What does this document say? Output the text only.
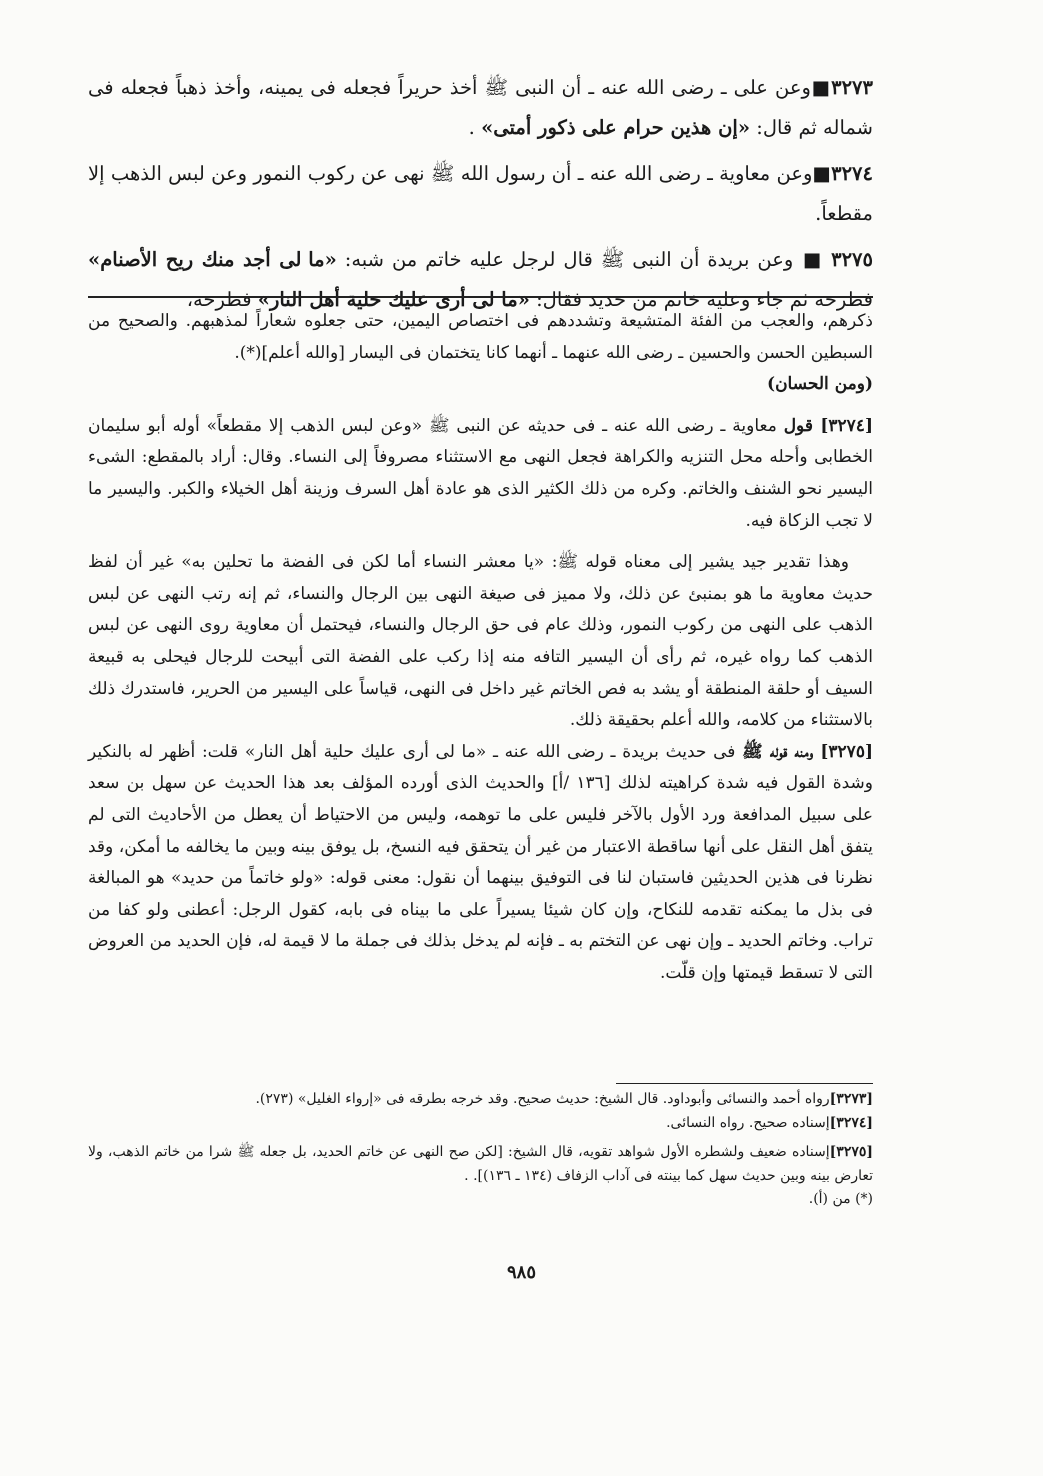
٣٢٧٣■وعن على ـ رضى الله عنه ـ أن النبى ﷺ أخذ حريراً فجعله فى يمينه، وأخذ ذهباً فجعله فى شماله ثم قال: «إن هذين حرام على ذكور أمتى» .

٣٢٧٤■وعن معاوية ـ رضى الله عنه ـ أن رسول الله ﷺ نهى عن ركوب النمور وعن لبس الذهب إلا مقطعاً.

٣٢٧٥ ■ وعن بريدة أن النبى ﷺ قال لرجل عليه خاتم من شبه: «ما لى أجد منك ريح الأصنام» فطرحه ثم جاء وعليه خاتم من حديد فقال: «ما لى أرى عليك حلية أهل النار» فطرحه،

ذكرهم، والعجب من الفئة المتشيعة وتشددهم فى اختصاص اليمين، حتى جعلوه شعاراً لمذهبهم. والصحيح من السبطين الحسن والحسين ـ رضى الله عنهما ـ أنهما كانا يتختمان فى اليسار [والله أعلم](*).

(ومن الحسان)

[٣٢٧٤] قول معاوية ـ رضى الله عنه ـ فى حديثه عن النبى ﷺ «وعن لبس الذهب إلا مقطعاً» أوله أبو سليمان الخطابى وأحله محل التنزيه والكراهة فجعل النهى مع الاستثناء مصروفاً إلى النساء. وقال: أراد بالمقطع: الشىء اليسير نحو الشنف والخاتم. وكره من ذلك الكثير الذى هو عادة أهل السرف وزينة أهل الخيلاء والكبر. واليسير ما لا تجب الزكاة فيه.

وهذا تقدير جيد يشير إلى معناه قوله ﷺ: «يا معشر النساء أما لكن فى الفضة ما تحلين به» غير أن لفظ حديث معاوية ما هو بمنبئ عن ذلك، ولا مميز فى صيغة النهى بين الرجال والنساء، ثم إنه رتب النهى عن لبس الذهب على النهى من ركوب النمور، وذلك عام فى حق الرجال والنساء، فيحتمل أن معاوية روى النهى عن لبس الذهب كما رواه غيره، ثم رأى أن اليسير التافه منه إذا ركب على الفضة التى أبيحت للرجال فيحلى به قبيعة السيف أو حلقة المنطقة أو يشد به فص الخاتم غير داخل فى النهى، قياساً على اليسير من الحرير، فاستدرك ذلك بالاستثناء من كلامه، والله أعلم بحقيقة ذلك.

[٣٢٧٥] ومنه قوله ﷺ فى حديث بريدة ـ رضى الله عنه ـ «ما لى أرى عليك حلية أهل النار» قلت: أظهر له بالنكير وشدة القول فيه شدة كراهيته لذلك [١٣٦ /أ] والحديث الذى أورده المؤلف بعد هذا الحديث عن سهل بن سعد على سبيل المدافعة ورد الأول بالآخر فليس على ما توهمه، وليس من الاحتياط أن يعطل من الأحاديث التى لم يتفق أهل النقل على أنها ساقطة الاعتبار من غير أن يتحقق فيه النسخ، بل يوفق بينه وبين ما يخالفه ما أمكن، وقد نظرنا فى هذين الحديثين فاستبان لنا فى التوفيق بينهما أن نقول: معنى قوله: «ولو خاتماً من حديد» هو المبالغة فى بذل ما يمكنه تقدمه للنكاح، وإن كان شيئا يسيراً على ما بيناه فى بابه، كقول الرجل: أعطنى ولو كفا من تراب. وخاتم الحديد ـ وإن نهى عن التختم به ـ فإنه لم يدخل بذلك فى جملة ما لا قيمة له، فإن الحديد من العروض التى لا تسقط قيمتها وإن قلّت.

[٣٢٧٣]رواه أحمد والنسائى وأبوداود. قال الشيخ: حديث صحيح. وقد خرجه بطرقه فى «إرواء الغليل» (٢٧٣).

[٣٢٧٤]إسناده صحيح. رواه النسائى.

[٣٢٧٥]إسناده ضعيف ولشطره الأول شواهد تقويه، قال الشيخ: [لكن صح النهى عن خاتم الحديد، بل جعله ﷺ شرا من خاتم الذهب، ولا تعارض بينه وبين حديث سهل كما بينته فى آداب الزفاف (١٣٤ ـ ١٣٦)]. .

(*) من (أ).

٩٨٥
